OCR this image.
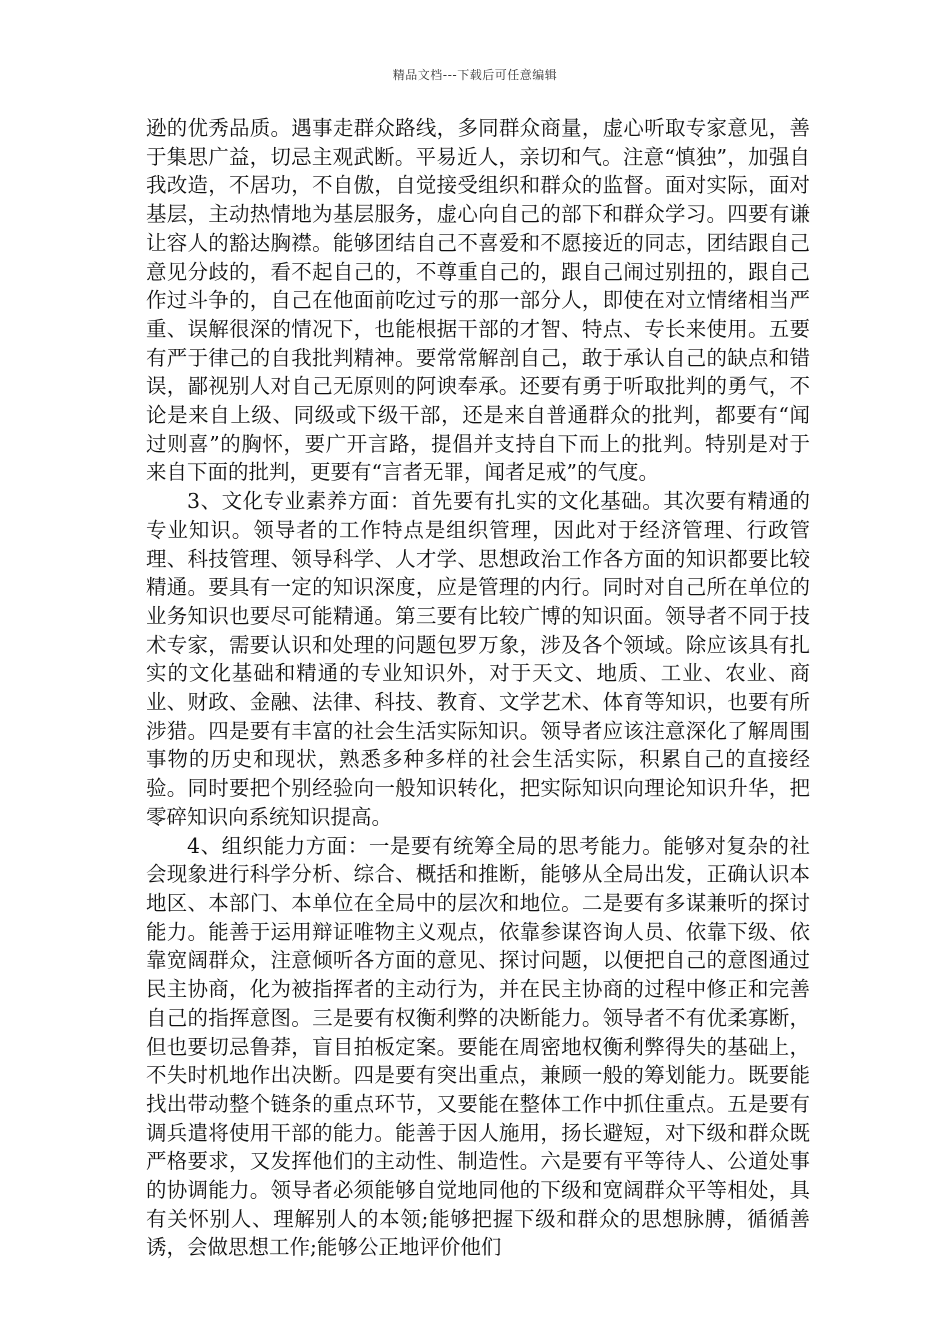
精品文档---下载后可任意编辑

逊的优秀品质。遇事走群众路线，多同群众商量，虚心听取专家意见，善于集思广益，切忌主观武断。平易近人，亲切和气。注意“慎独”，加强自我改造，不居功，不自傲，自觉接受组织和群众的监督。面对实际，面对基层，主动热情地为基层服务，虚心向自己的部下和群众学习。四要有谦让容人的豁达胸襟。能够团结自己不喜爱和不愿接近的同志，团结跟自己意见分歧的，看不起自己的，不尊重自己的，跟自己闹过别扭的，跟自己作过斗争的，自己在他面前吃过亏的那一部分人，即使在对立情绪相当严重、误解很深的情况下，也能根据干部的才智、特点、专长来使用。五要有严于律己的自我批判精神。要常常解剖自己，敢于承认自己的缺点和错误，鄙视别人对自己无原则的阿谀奉承。还要有勇于听取批判的勇气，不论是来自上级、同级或下级干部，还是来自普通群众的批判，都要有“闻过则喜”的胸怀，要广开言路，提倡并支持自下而上的批判。特别是对于来自下面的批判，更要有“言者无罪，闻者足戒”的气度。

3、文化专业素养方面：首先要有扎实的文化基础。其次要有精通的专业知识。领导者的工作特点是组织管理，因此对于经济管理、行政管理、科技管理、领导科学、人才学、思想政治工作各方面的知识都要比较精通。要具有一定的知识深度，应是管理的内行。同时对自己所在单位的业务知识也要尽可能精通。第三要有比较广博的知识面。领导者不同于技术专家，需要认识和处理的问题包罗万象，涉及各个领域。除应该具有扎实的文化基础和精通的专业知识外，对于天文、地质、工业、农业、商业、财政、金融、法律、科技、教育、文学艺术、体育等知识，也要有所涉猎。四是要有丰富的社会生活实际知识。领导者应该注意深化了解周围事物的历史和现状，熟悉多种多样的社会生活实际，积累自己的直接经验。同时要把个别经验向一般知识转化，把实际知识向理论知识升华，把零碎知识向系统知识提高。

4、组织能力方面：一是要有统筹全局的思考能力。能够对复杂的社会现象进行科学分析、综合、概括和推断，能够从全局出发，正确认识本地区、本部门、本单位在全局中的层次和地位。二是要有多谋兼听的探讨能力。能善于运用辩证唯物主义观点，依靠参谋咨询人员、依靠下级、依靠宽阔群众，注意倾听各方面的意见、探讨问题，以便把自己的意图通过民主协商，化为被指挥者的主动行为，并在民主协商的过程中修正和完善自己的指挥意图。三是要有权衡利弊的决断能力。领导者不有优柔寡断，但也要切忌鲁莽，盲目拍板定案。要能在周密地权衡利弊得失的基础上，不失时机地作出决断。四是要有突出重点，兼顾一般的筹划能力。既要能找出带动整个链条的重点环节，又要能在整体工作中抓住重点。五是要有调兵遣将使用干部的能力。能善于因人施用，扬长避短，对下级和群众既严格要求，又发挥他们的主动性、制造性。六是要有平等待人、公道处事的协调能力。领导者必须能够自觉地同他的下级和宽阔群众平等相处，具有关怀别人、理解别人的本领;能够把握下级和群众的思想脉膊，循循善诱，会做思想工作;能够公正地评价他们
